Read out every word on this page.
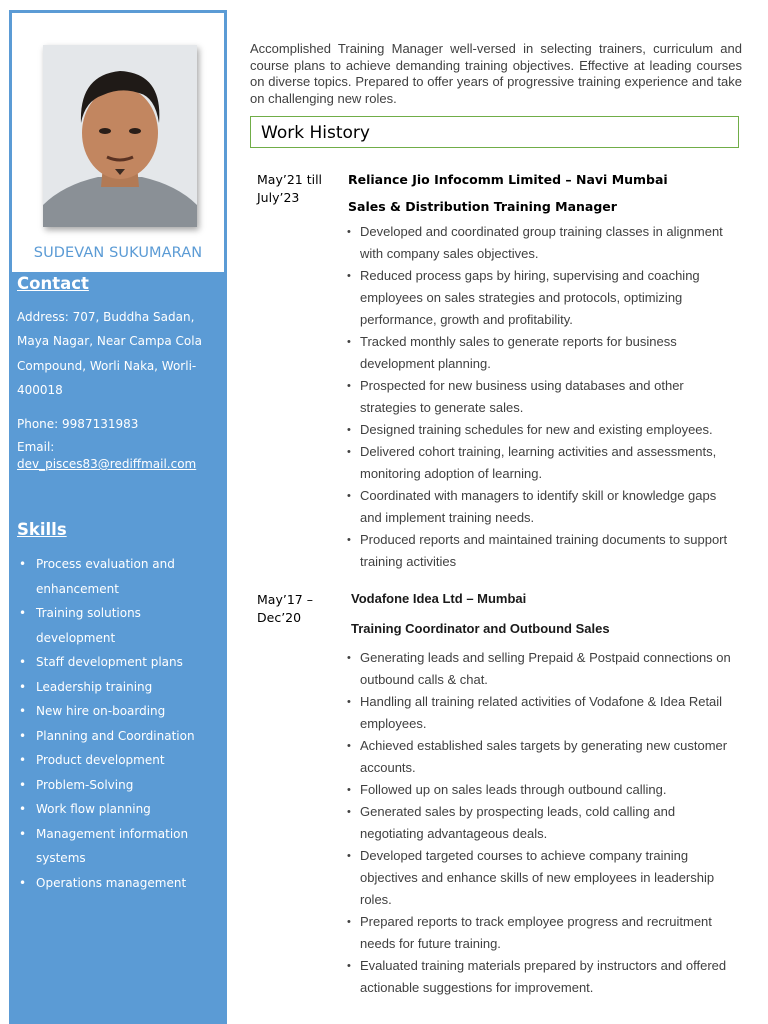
SUDEVAN SUKUMARAN
Contact
Address: 707, Buddha Sadan,
Maya Nagar, Near Campa Cola
Compound, Worli Naka, Worli-
400018
Phone: 9987131983
Email:
dev_pisces83@rediffmail.com
Skills
• Process evaluation and enhancement
• Training solutions development
• Staff development plans
• Leadership training
• New hire on-boarding
• Planning and Coordination
• Product development
• Problem-Solving
• Work flow planning
• Management information systems
• Operations management
Accomplished Training Manager well-versed in selecting trainers, curriculum and course plans to achieve demanding training objectives. Effective at leading courses on diverse topics. Prepared to offer years of progressive training experience and take on challenging new roles.
Work History
May’21 till
July’23
Reliance Jio Infocomm Limited – Navi Mumbai
Sales & Distribution Training Manager
• Developed and coordinated group training classes in alignment with company sales objectives.
• Reduced process gaps by hiring, supervising and coaching employees on sales strategies and protocols, optimizing performance, growth and profitability.
• Tracked monthly sales to generate reports for business development planning.
• Prospected for new business using databases and other strategies to generate sales.
• Designed training schedules for new and existing employees.
• Delivered cohort training, learning activities and assessments, monitoring adoption of learning.
• Coordinated with managers to identify skill or knowledge gaps and implement training needs.
• Produced reports and maintained training documents to support training activities
May’17 –
Dec’20
Vodafone Idea Ltd – Mumbai
Training Coordinator and Outbound Sales
• Generating leads and selling Prepaid & Postpaid connections on outbound calls & chat.
• Handling all training related activities of Vodafone & Idea Retail employees.
• Achieved established sales targets by generating new customer accounts.
• Followed up on sales leads through outbound calling.
• Generated sales by prospecting leads, cold calling and negotiating advantageous deals.
• Developed targeted courses to achieve company training objectives and enhance skills of new employees in leadership roles.
• Prepared reports to track employee progress and recruitment needs for future training.
• Evaluated training materials prepared by instructors and offered actionable suggestions for improvement.
